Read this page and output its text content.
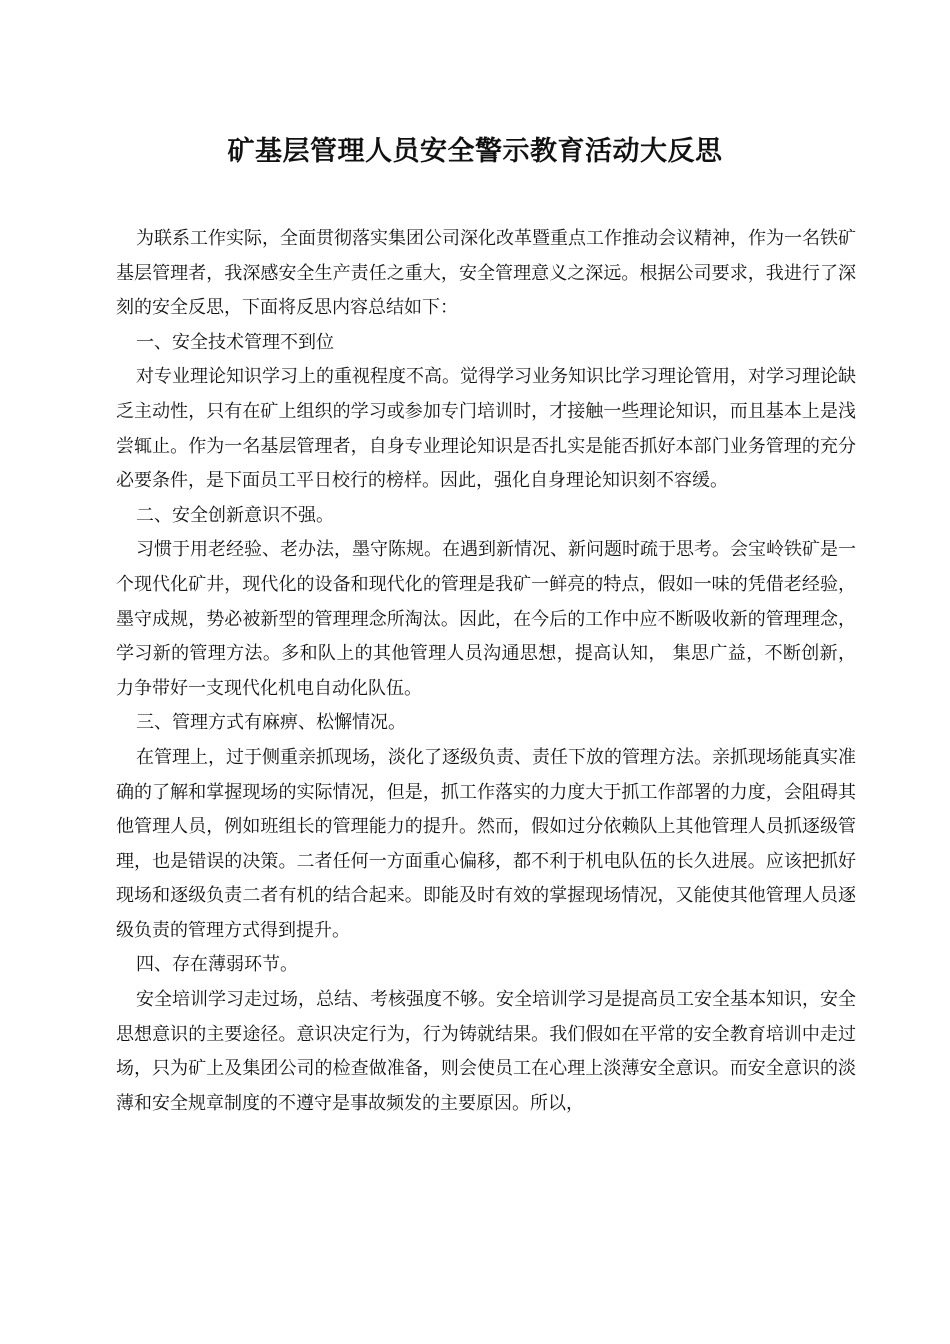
矿基层管理人员安全警示教育活动大反思

为联系工作实际，全面贯彻落实集团公司深化改革暨重点工作推动会议精神，作为一名铁矿基层管理者，我深感安全生产责任之重大，安全管理意义之深远。根据公司要求，我进行了深刻的安全反思，下面将反思内容总结如下：

一、安全技术管理不到位

对专业理论知识学习上的重视程度不高。觉得学习业务知识比学习理论管用，对学习理论缺乏主动性，只有在矿上组织的学习或参加专门培训时，才接触一些理论知识，而且基本上是浅尝辄止。作为一名基层管理者，自身专业理论知识是否扎实是能否抓好本部门业务管理的充分必要条件，是下面员工平日校行的榜样。因此，强化自身理论知识刻不容缓。

二、安全创新意识不强。

习惯于用老经验、老办法，墨守陈规。在遇到新情况、新问题时疏于思考。会宝岭铁矿是一个现代化矿井，现代化的设备和现代化的管理是我矿一鲜亮的特点，假如一味的凭借老经验，墨守成规，势必被新型的管理理念所淘汰。因此，在今后的工作中应不断吸收新的管理理念，学习新的管理方法。多和队上的其他管理人员沟通思想，提高认知， 集思广益，不断创新，力争带好一支现代化机电自动化队伍。

三、管理方式有麻痹、松懈情况。

在管理上，过于侧重亲抓现场，淡化了逐级负责、责任下放的管理方法。亲抓现场能真实准确的了解和掌握现场的实际情况，但是，抓工作落实的力度大于抓工作部署的力度，会阻碍其他管理人员，例如班组长的管理能力的提升。然而，假如过分依赖队上其他管理人员抓逐级管理，也是错误的决策。二者任何一方面重心偏移，都不利于机电队伍的长久进展。应该把抓好现场和逐级负责二者有机的结合起来。即能及时有效的掌握现场情况，又能使其他管理人员逐级负责的管理方式得到提升。

四、存在薄弱环节。

安全培训学习走过场，总结、考核强度不够。安全培训学习是提高员工安全基本知识，安全思想意识的主要途径。意识决定行为，行为铸就结果。我们假如在平常的安全教育培训中走过场，只为矿上及集团公司的检查做准备，则会使员工在心理上淡薄安全意识。而安全意识的淡薄和安全规章制度的不遵守是事故频发的主要原因。所以，
